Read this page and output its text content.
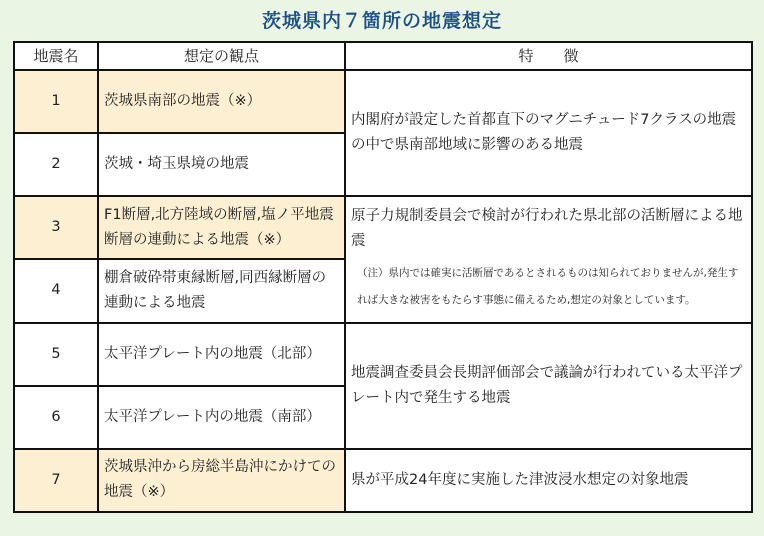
茨城県内７箇所の地震想定
地震名	想定の観点	特　　徴
1	茨城県南部の地震（※）	内閣府が設定した首都直下のマグニチュード7クラスの地震の中で県南部地域に影響のある地震

2	茨城・埼玉県境の地震	
3	F1断層,北方陸域の断層,塩ノ平地震断層の連動による地震（※）	原子力規制委員会で検討が行われた県北部の活断層による地震
（注）県内では確実に活断層であるとされるものは知られておりませんが,発生すれば大きな被害をもたらす事態に備えるため,想定の対象としています。

4	棚倉破砕帯東縁断層,同西縁断層の連動による地震	
5	太平洋プレート内の地震（北部）	地震調査委員会長期評価部会で議論が行われている太平洋プレート内で発生する地震

6	太平洋プレート内の地震（南部）	
7	茨城県沖から房総半島沖にかけての地震（※）	県が平成24年度に実施した津波浸水想定の対象地震
